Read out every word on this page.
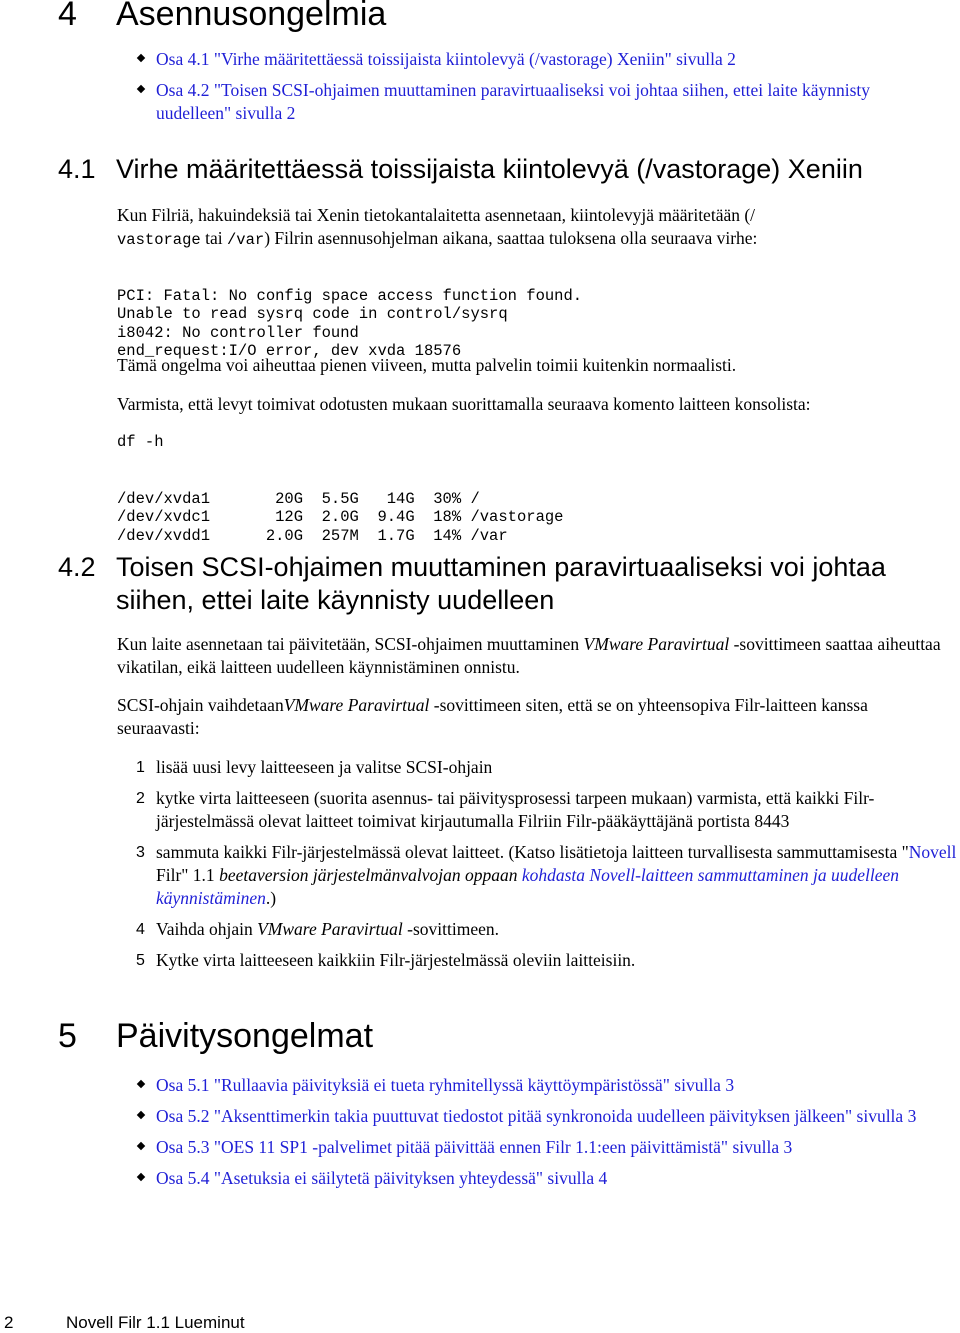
4 Asennusongelmia
Osa 4.1 "Virhe määritettäessä toissijaista kiintolevyä (/vastorage) Xeniin" sivulla 2
Osa 4.2 "Toisen SCSI-ohjaimen muuttaminen paravirtuaaliseksi voi johtaa siihen, ettei laite käynnisty uudelleen" sivulla 2
4.1 Virhe määritettäessä toissijaista kiintolevyä (/vastorage) Xeniin

Kun Filriä, hakuindeksiä tai Xenin tietokantalaitetta asennetaan, kiintolevyjä määritetään (/
vastorage tai /var) Filrin asennusohjelman aikana, saattaa tuloksena olla seuraava virhe:

PCI: Fatal: No config space access function found.
Unable to read sysrq code in control/sysrq
i8042: No controller found
end_request:I/O error, dev xvda 18576

Tämä ongelma voi aiheuttaa pienen viiveen, mutta palvelin toimii kuitenkin normaalisti.

Varmista, että levyt toimivat odotusten mukaan suorittamalla seuraava komento laitteen konsolista:

df -h

/dev/xvda1       20G  5.5G   14G  30% /
/dev/xvdc1       12G  2.0G  9.4G  18% /vastorage
/dev/xvdd1      2.0G  257M  1.7G  14% /var

4.2 Toisen SCSI-ohjaimen muuttaminen paravirtuaaliseksi voi johtaa
siihen, ettei laite käynnisty uudelleen

Kun laite asennetaan tai päivitetään, SCSI-ohjaimen muuttaminen VMware Paravirtual -sovittimeen saattaa aiheuttaa vikatilan, eikä laitteen uudelleen käynnistäminen onnistu.

SCSI-ohjain vaihdetaanVMware Paravirtual -sovittimeen siten, että se on yhteensopiva Filr-laitteen kanssa seuraavasti:

1 lisää uusi levy laitteeseen ja valitse SCSI-ohjain
2 kytke virta laitteeseen (suorita asennus- tai päivitysprosessi tarpeen mukaan) varmista, että kaikki Filr-järjestelmässä olevat laitteet toimivat kirjautumalla Filriin Filr-pääkäyttäjänä portista 8443
3 sammuta kaikki Filr-järjestelmässä olevat laitteet. (Katso lisätietoja laitteen turvallisesta sammuttamisesta "Novell Filr" 1.1 beetaversion järjestelmänvalvojan oppaan kohdasta Novell-laitteen sammuttaminen ja uudelleen käynnistäminen.)
4 Vaihda ohjain VMware Paravirtual -sovittimeen.
5 Kytke virta laitteeseen kaikkiin Filr-järjestelmässä oleviin laitteisiin.
5 Päivitysongelmat
Osa 5.1 "Rullaavia päivityksiä ei tueta ryhmitellyssä käyttöympäristössä" sivulla 3
Osa 5.2 "Aksenttimerkin takia puuttuvat tiedostot pitää synkronoida uudelleen päivityksen jälkeen" sivulla 3
Osa 5.3 "OES 11 SP1 -palvelimet pitää päivittää ennen Filr 1.1:een päivittämistä" sivulla 3
Osa 5.4 "Asetuksia ei säilytetä päivityksen yhteydessä" sivulla 4
2	Novell Filr 1.1 Lueminut
